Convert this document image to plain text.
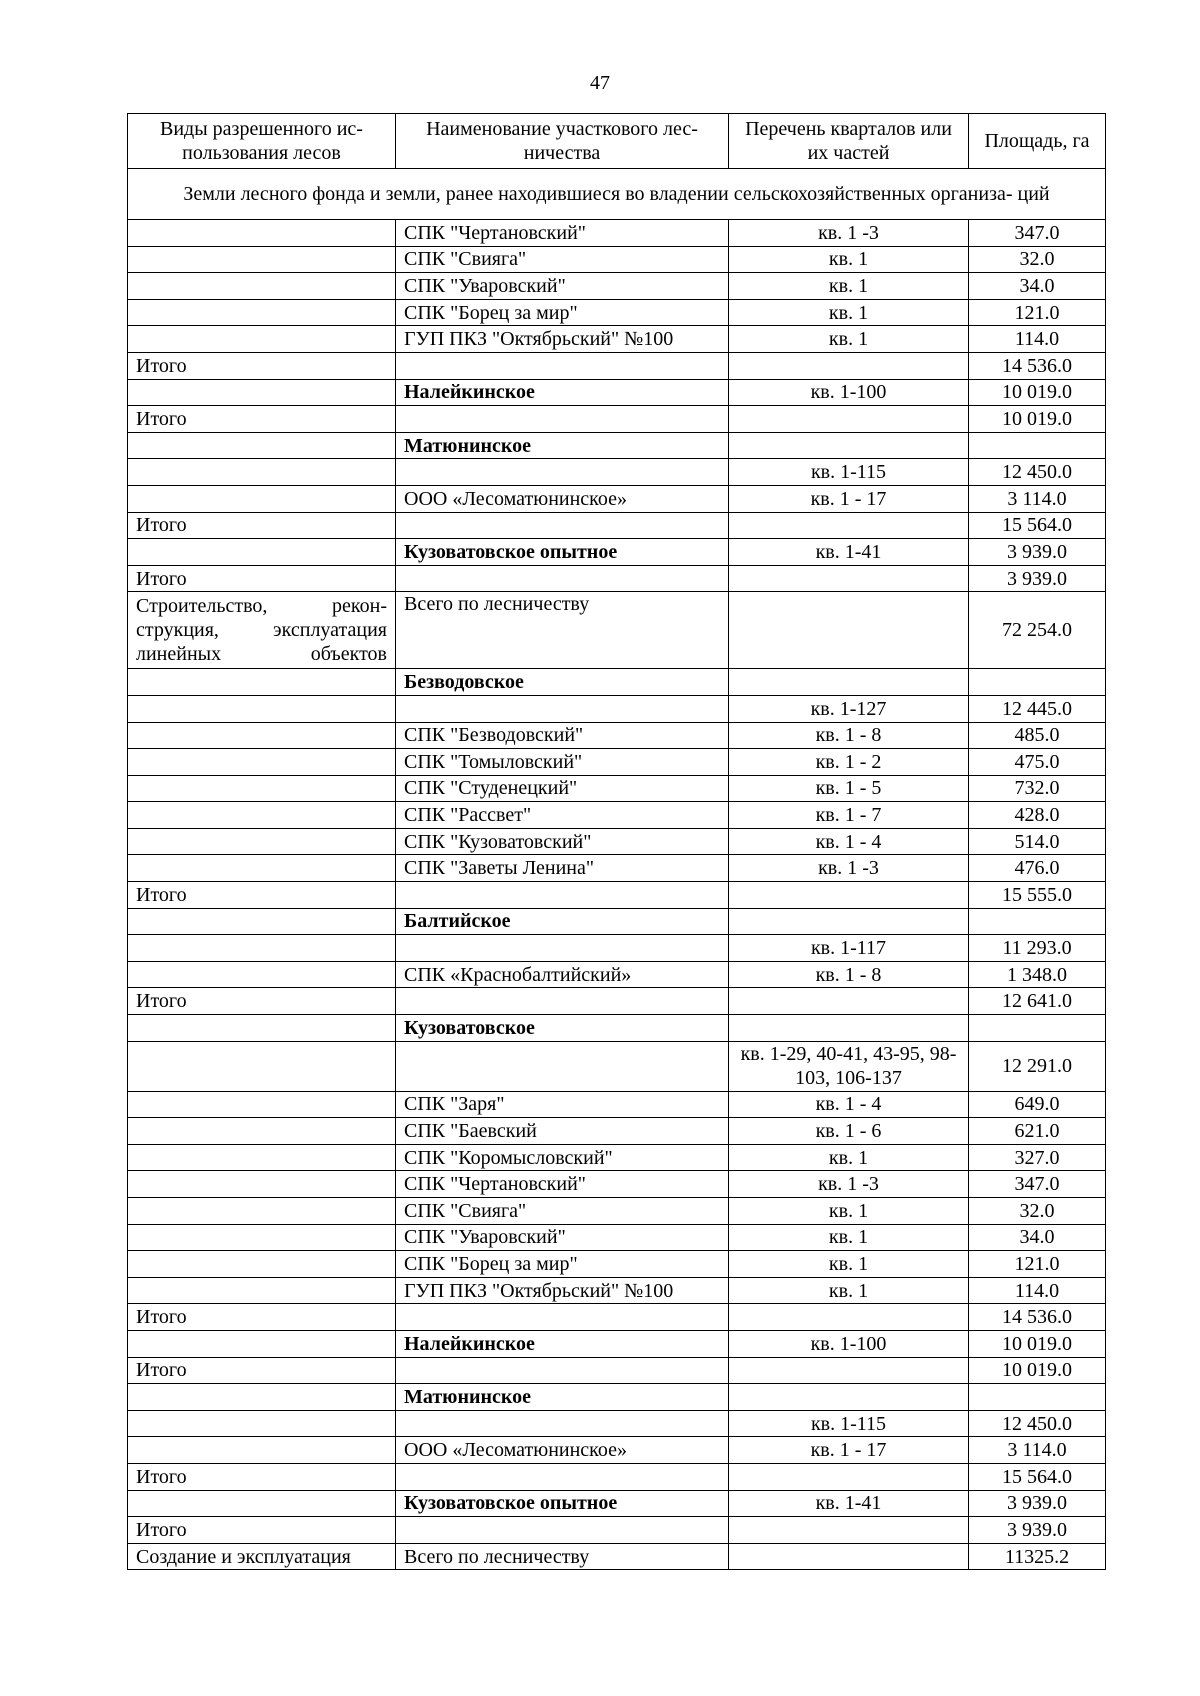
47
Виды разрешенного ис- пользования лесов	Наименование участкового лес- ничества	Перечень кварталов или их частей	Площадь, га
Земли лесного фонда и земли, ранее находившиеся во владении сельскохозяйственных организа- ций			
	СПК "Чертановский"	кв. 1 -3	347.0
	СПК "Свияга"	кв. 1	32.0
	СПК "Уваровский"	кв. 1	34.0
	СПК "Борец за мир"	кв. 1	121.0
	ГУП ПКЗ "Октябрьский" №100	кв. 1	114.0
Итого			14 536.0
	Налейкинское	кв. 1-100	10 019.0
Итого			10 019.0
	Матюнинское		
		кв. 1-115	12 450.0
	ООО «Лесоматюнинское»	кв. 1 - 17	3 114.0
Итого			15 564.0
	Кузоватовское опытное	кв. 1-41	3 939.0
Итого			3 939.0
Строительство, рекон- струкция, эксплуатация линейных объектов	Всего по лесничеству		72 254.0
	Безводовское		
		кв. 1-127	12 445.0
	СПК "Безводовский"	кв. 1 - 8	485.0
	СПК "Томыловский"	кв. 1 - 2	475.0
	СПК "Студенецкий"	кв. 1 - 5	732.0
	СПК "Рассвет"	кв. 1 - 7	428.0
	СПК "Кузоватовский"	кв. 1 - 4	514.0
	СПК "Заветы Ленина"	кв. 1 -3	476.0
Итого			15 555.0
	Балтийское		
		кв. 1-117	11 293.0
	СПК «Краснобалтийский»	кв. 1 - 8	1 348.0
Итого			12 641.0
	Кузоватовское		
		кв. 1-29, 40-41, 43-95, 98-103, 106-137	12 291.0
	СПК "Заря"	кв. 1 - 4	649.0
	СПК "Баевский	кв. 1 - 6	621.0
	СПК "Коромысловский"	кв. 1	327.0
	СПК "Чертановский"	кв. 1 -3	347.0
	СПК "Свияга"	кв. 1	32.0
	СПК "Уваровский"	кв. 1	34.0
	СПК "Борец за мир"	кв. 1	121.0
	ГУП ПКЗ "Октябрьский" №100	кв. 1	114.0
Итого			14 536.0
	Налейкинское	кв. 1-100	10 019.0
Итого			10 019.0
	Матюнинское		
		кв. 1-115	12 450.0
	ООО «Лесоматюнинское»	кв. 1 - 17	3 114.0
Итого			15 564.0
	Кузоватовское опытное	кв. 1-41	3 939.0
Итого			3 939.0
Создание и эксплуатация	Всего по лесничеству		11325.2
